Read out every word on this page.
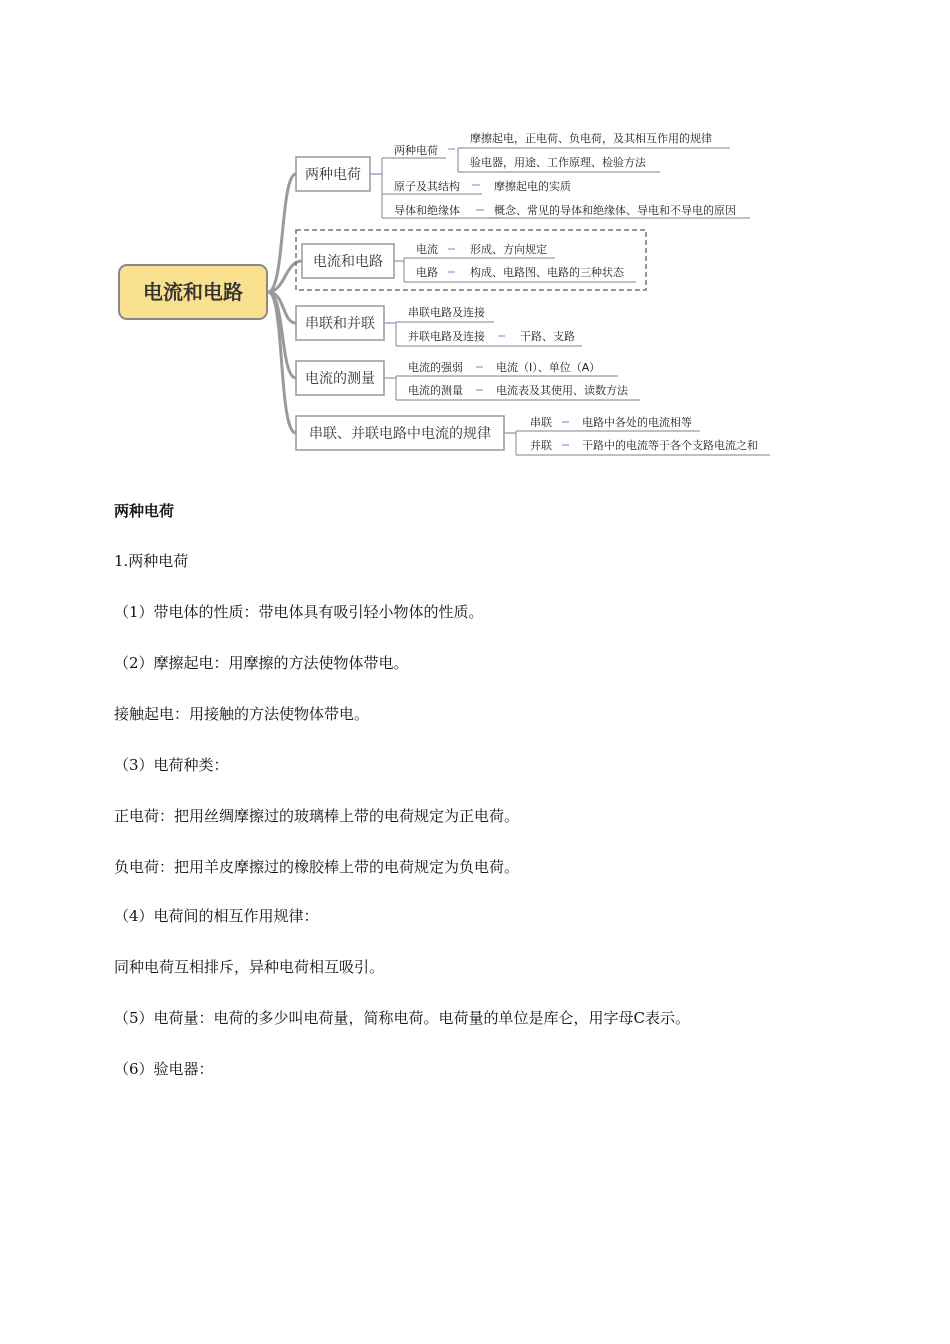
电流和电路
两种电荷
两种电荷
摩擦起电，正电荷、负电荷，及其相互作用的规律
验电器，用途、工作原理、检验方法
原子及其结构	摩擦起电的实质
导体和绝缘体	概念、常见的导体和绝缘体、导电和不导电的原因
电流和电路
电流	形成、方向规定
电路	构成、电路图、电路的三种状态
串联和并联
串联电路及连接
并联电路及连接	干路、支路
电流的测量
电流的强弱	电流（I）、单位（A）
电流的测量	电流表及其使用、读数方法
串联、并联电路中电流的规律
串联	电路中各处的电流相等
并联	干路中的电流等于各个支路电流之和

两种电荷

1.两种电荷

（1）带电体的性质：带电体具有吸引轻小物体的性质。

（2）摩擦起电：用摩擦的方法使物体带电。

接触起电：用接触的方法使物体带电。

（3）电荷种类：

正电荷：把用丝绸摩擦过的玻璃棒上带的电荷规定为正电荷。

负电荷：把用羊皮摩擦过的橡胶棒上带的电荷规定为负电荷。

（4）电荷间的相互作用规律：

同种电荷互相排斥，异种电荷相互吸引。

（5）电荷量：电荷的多少叫电荷量，简称电荷。电荷量的单位是库仑，用字母C表示。

（6）验电器：
